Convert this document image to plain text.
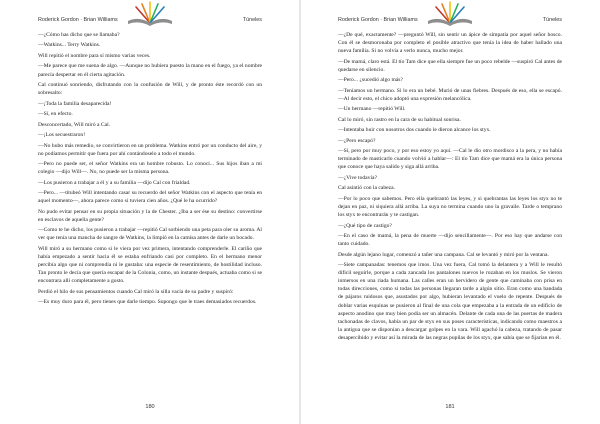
Roderick Gordon · Brian Williams	Túneles

—¿Cómo has dicho que se llamaba?

—Watkins... Terry Watkins.

Will repitió el nombre para sí mismo varias veces.

—Me parece que me suena de algo. —Aunque no hubiera puesto la mano en el fuego, ya el nombre parecía despertar en él cierta agitación.

Cal continuó sonriendo, disfrutando con la confusión de Will, y de pronto éste recordó con un sobresalto:

—¡Toda la familia desaparecida!

—Sí, en efecto.

Desconcertado, Will miró a Cal.

—¡Los secuestraron!

—No hubo más remedio, se convirtieron en un problema. Watkins entró por un conducto del aire, y no podíamos permitir que fuera por ahí contándoselo a todo el mundo.

—Pero no puede ser, el señor Watkins era un hombre robusto. Lo conocí... Sus hijos iban a mi colegio —dijo Will—. No, no puede ser la misma persona.

—Los pusieron a trabajar a él y a su familia —dijo Cal con frialdad.

—Pero... —titubeó Will intentando casar su recuerdo del señor Watkins con el aspecto que tenía en aquel momento—, ahora parece como si tuviera cien años. ¿Qué le ha ocurrido?

No pudo evitar pensar en su propia situación y la de Chester. ¿Iba a ser ése su destino: convertirse en esclavos de aquella gente?

—Como te he dicho, los pusieron a trabajar —repitió Cal sorbiendo una peta para oler su aroma. Al ver que tenía una mancha de sangre de Watkins, la limpió en la camisa antes de darle un bocado.

Will miró a su hermano como si le viera por vez primera, intentando comprenderle. El cariño que había empezado a sentir hacia él se estaba enfriando casi por completo. En el hermano menor percibía algo que ni comprendía ni le gustaba: una especie de resentimiento, de hostilidad incluso. Tan pronto le decía que quería escapar de la Colonia, como, un instante después, actuaba como si se encontrara allí completamente a gusto.

Perdió el hilo de sus pensamientos cuando Cal miró la silla vacía de su padre y suspiró:

—Es muy duro para él, pero tienes que darle tiempo. Supongo que le traes demasiados recuerdos.

180
Roderick Gordon · Brian Williams	Túneles

—¿De qué, exactamente? —preguntó Will, sin sentir un ápice de simpatía por aquel señor hosco. Con él se desmoronaba por completo el posible atractivo que tenía la idea de haber hallado una nueva familia. Si no volvía a verlo nunca, mucho mejor.

—De mamá, claro está. El tío Tam dice que ella siempre fue un poco rebelde —suspiró Cal antes de quedarse en silencio.

—Pero... ¿sucedió algo más?

—Teníamos un hermano. Si lo era un bebé. Murió de unas fiebres. Después de eso, ella se escapó. —Al decir esto, el chico adoptó una expresión melancólica.

—Un hermano —repitió Will.

Cal lo miró, sin rastro en la cara de su habitual sonrisa.

—Intentaba huir con nosotros dos cuando le dieron alcance los styx.

—¿Pero escapó?

—Sí, pero por muy poco, y por eso estoy yo aquí. —Cal le dio otro mordisco a la pera, y no había terminado de masticarlo cuando volvió a hablar—: El tío Tam dice que mamá era la única persona que conoce que haya salido y siga allá arriba.

—¿Vive todavía?

Cal asintió con la cabeza.

—Por lo poco que sabemos. Pero ella quebrantó las leyes, y si quebrantas las leyes los styx no te dejan en paz, ni siquiera allá arriba. La suya no termina cuando uno la gravaile. Tarde o temprano los styx te encontrarán y te castigan.

—¿Qué tipo de castigo?

—En el caso de mamá, la pena de muerte —dijo sencillamente—. Por eso hay que andarse con tanto cuidado.

Desde algún lejano lugar, comenzó a tañer una campana. Cal se levantó y miró por la ventana.

—Siete campanadas: tenemos que irnos. Una vez fuera, Cal tomó la delantera y a Will le resultó difícil seguirle, porque a cada zancada los pantalones nuevos le rozaban en los muslos. Se vieron inmersos en una riada humana. Las calles eran un hervidero de gente que caminaba con prisa en todas direcciones, como si todas las personas llegaran tarde a algún sitio. Eran como una bandada de pájaros ruidosos que, asustados por algo, hubieran levantado el vuelo de repente. Después de doblar varias esquinas se pusieron al final de una cola que empezaba a la entrada de un edificio de aspecto anodino que muy bien podía ser un almacén. Delante de cada una de las puertas de madera tachonadas de clavos, había un par de styx en sus poses características, indicando como maestros a la antigua que se disponían a descargar golpes en la vara. Will agachó la cabeza, tratando de pasar desapercibido y evitar así la mirada de las negras pupilas de los styx, que sabía que se fijarían en él.

181
